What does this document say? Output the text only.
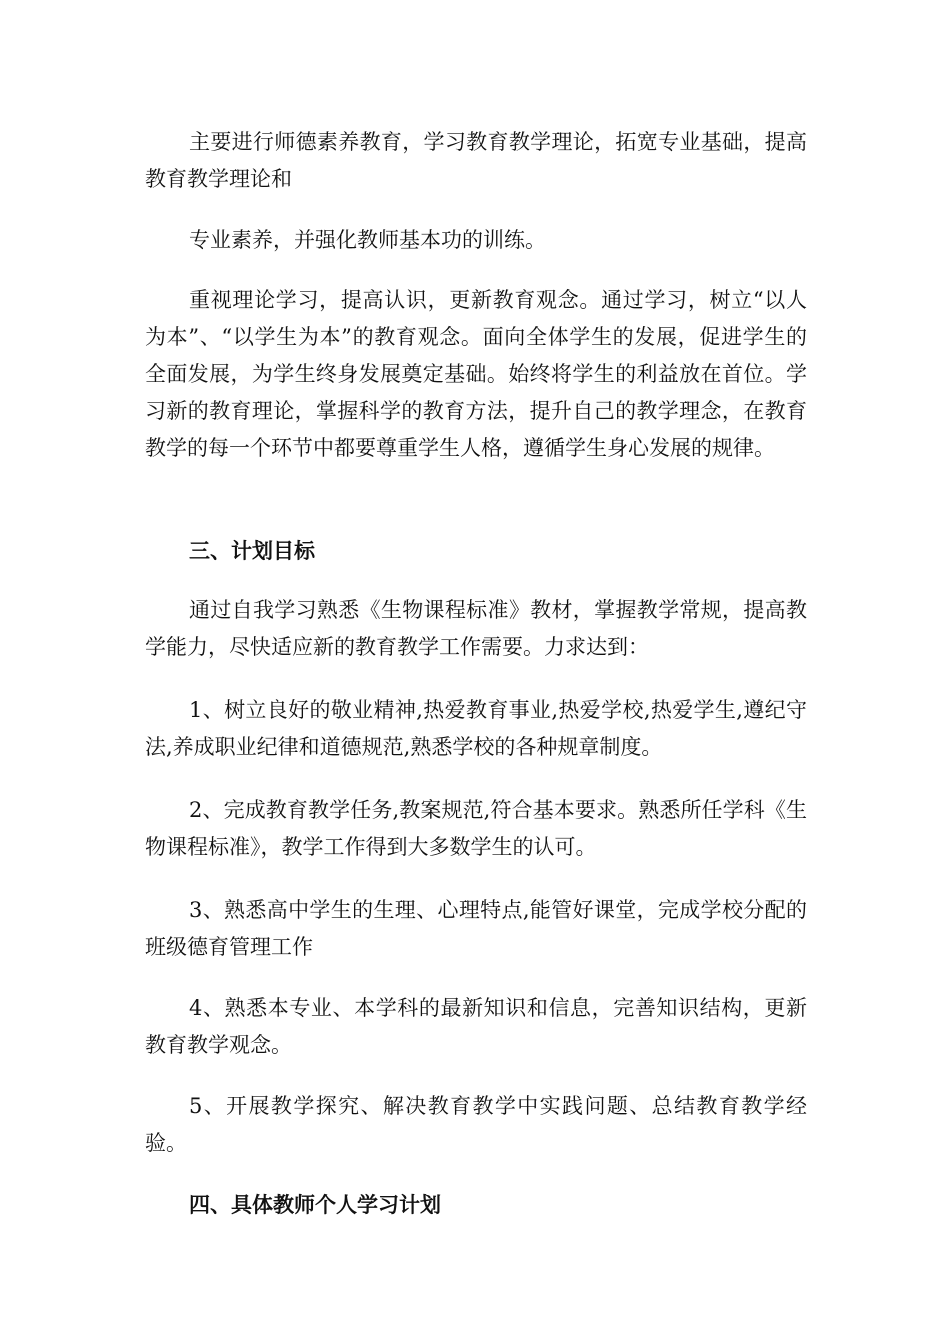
主要进行师德素养教育，学习教育教学理论，拓宽专业基础，提高教育教学理论和

专业素养，并强化教师基本功的训练。

重视理论学习，提高认识，更新教育观念。通过学习，树立“以人为本”、“以学生为本”的教育观念。面向全体学生的发展，促进学生的全面发展，为学生终身发展奠定基础。始终将学生的利益放在首位。学习新的教育理论，掌握科学的教育方法，提升自己的教学理念，在教育教学的每一个环节中都要尊重学生人格，遵循学生身心发展的规律。

三、计划目标

通过自我学习熟悉《生物课程标准》教材，掌握教学常规，提高教学能力，尽快适应新的教育教学工作需要。力求达到：

1、树立良好的敬业精神,热爱教育事业,热爱学校,热爱学生,遵纪守法,养成职业纪律和道德规范,熟悉学校的各种规章制度。

2、完成教育教学任务,教案规范,符合基本要求。熟悉所任学科《生物课程标准》，教学工作得到大多数学生的认可。

3、熟悉高中学生的生理、心理特点,能管好课堂，完成学校分配的班级德育管理工作

4、熟悉本专业、本学科的最新知识和信息，完善知识结构，更新教育教学观念。

5、开展教学探究、解决教育教学中实践问题、总结教育教学经验。

四、具体教师个人学习计划
